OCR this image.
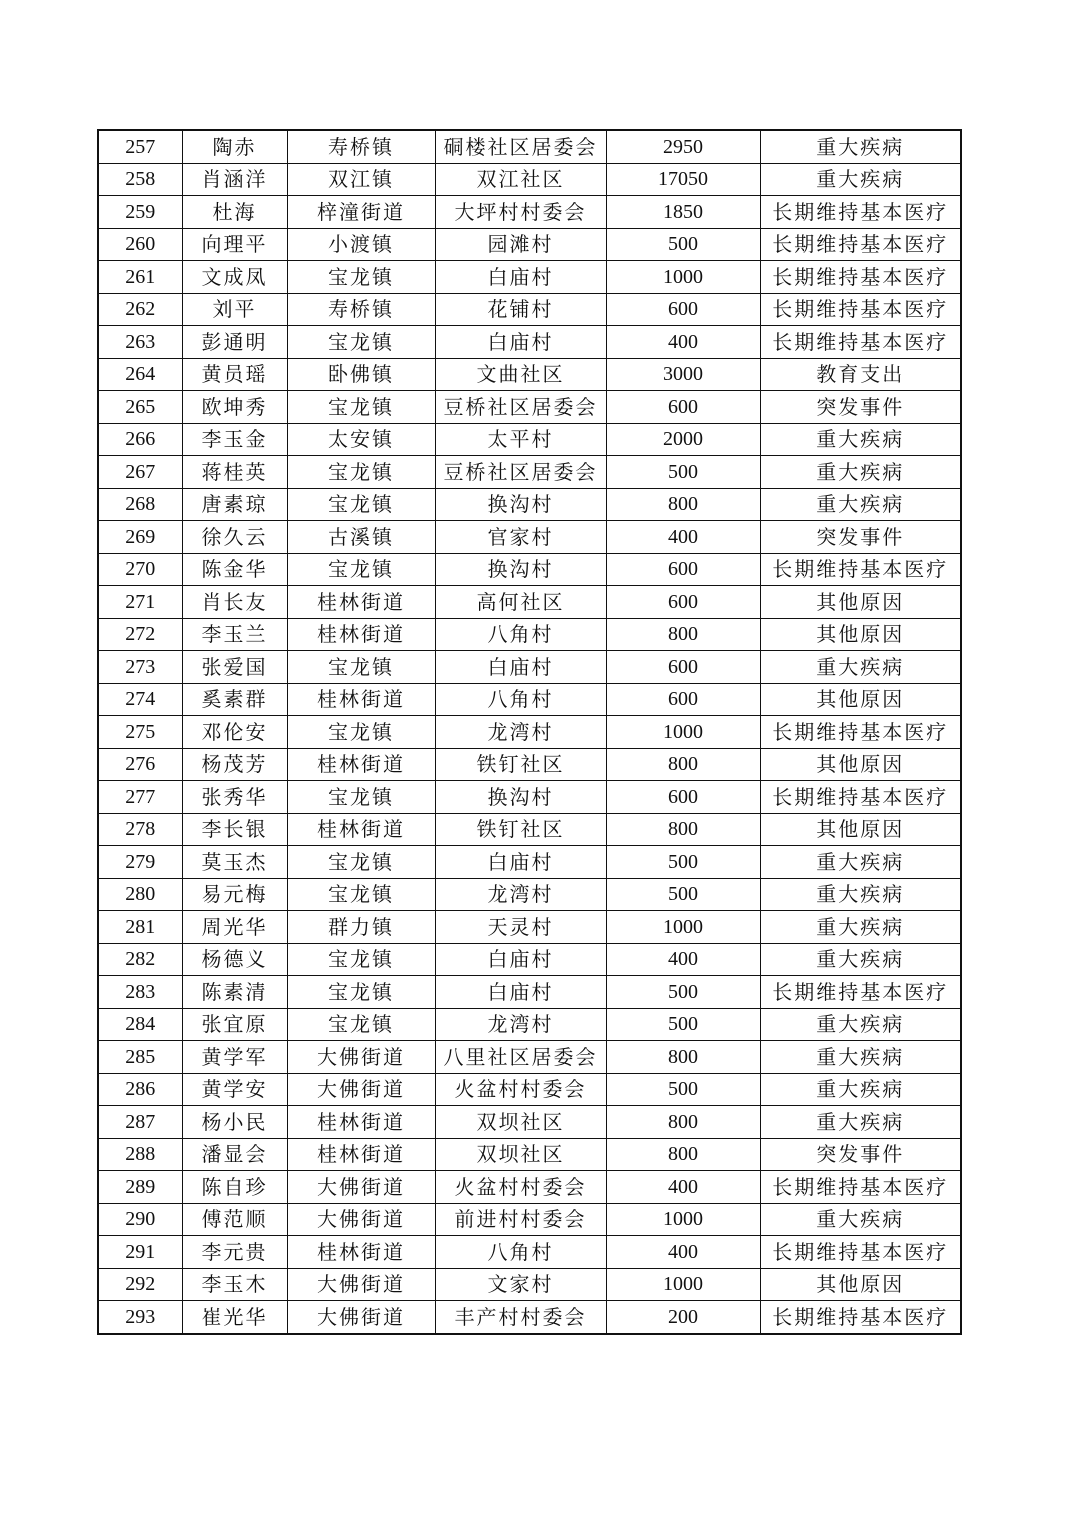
257	陶赤	寿桥镇	硐楼社区居委会	2950	重大疾病
258	肖涵洋	双江镇	双江社区	17050	重大疾病
259	杜海	梓潼街道	大坪村村委会	1850	长期维持基本医疗
260	向理平	小渡镇	园滩村	500	长期维持基本医疗
261	文成凤	宝龙镇	白庙村	1000	长期维持基本医疗
262	刘平	寿桥镇	花铺村	600	长期维持基本医疗
263	彭通明	宝龙镇	白庙村	400	长期维持基本医疗
264	黄员瑶	卧佛镇	文曲社区	3000	教育支出
265	欧坤秀	宝龙镇	豆桥社区居委会	600	突发事件
266	李玉金	太安镇	太平村	2000	重大疾病
267	蒋桂英	宝龙镇	豆桥社区居委会	500	重大疾病
268	唐素琼	宝龙镇	换沟村	800	重大疾病
269	徐久云	古溪镇	官家村	400	突发事件
270	陈金华	宝龙镇	换沟村	600	长期维持基本医疗
271	肖长友	桂林街道	高何社区	600	其他原因
272	李玉兰	桂林街道	八角村	800	其他原因
273	张爱国	宝龙镇	白庙村	600	重大疾病
274	奚素群	桂林街道	八角村	600	其他原因
275	邓伦安	宝龙镇	龙湾村	1000	长期维持基本医疗
276	杨茂芳	桂林街道	铁钉社区	800	其他原因
277	张秀华	宝龙镇	换沟村	600	长期维持基本医疗
278	李长银	桂林街道	铁钉社区	800	其他原因
279	莫玉杰	宝龙镇	白庙村	500	重大疾病
280	易元梅	宝龙镇	龙湾村	500	重大疾病
281	周光华	群力镇	天灵村	1000	重大疾病
282	杨德义	宝龙镇	白庙村	400	重大疾病
283	陈素清	宝龙镇	白庙村	500	长期维持基本医疗
284	张宜原	宝龙镇	龙湾村	500	重大疾病
285	黄学军	大佛街道	八里社区居委会	800	重大疾病
286	黄学安	大佛街道	火盆村村委会	500	重大疾病
287	杨小民	桂林街道	双坝社区	800	重大疾病
288	潘显会	桂林街道	双坝社区	800	突发事件
289	陈自珍	大佛街道	火盆村村委会	400	长期维持基本医疗
290	傅范顺	大佛街道	前进村村委会	1000	重大疾病
291	李元贵	桂林街道	八角村	400	长期维持基本医疗
292	李玉木	大佛街道	文家村	1000	其他原因
293	崔光华	大佛街道	丰产村村委会	200	长期维持基本医疗
